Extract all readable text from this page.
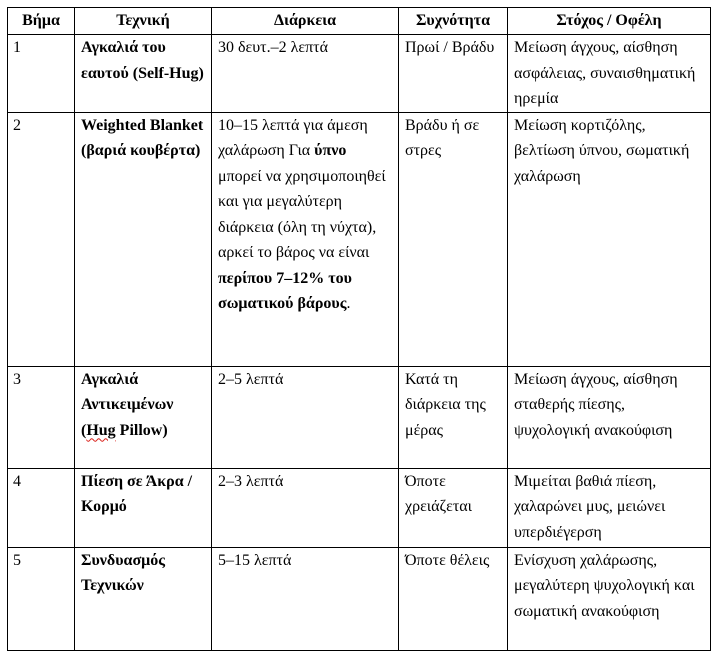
Βήμα	Τεχνική	Διάρκεια	Συχνότητα	Στόχος / Οφέλη
1	Αγκαλιά του εαυτού (Self-Hug)	30 δευτ.–2 λεπτά	Πρωί / Βράδυ	Μείωση άγχους, αίσθηση ασφάλειας, συναισθηματική ηρεμία
2	Weighted Blanket (βαριά κουβέρτα)	10–15 λεπτά για άμεση χαλάρωση Για ύπνο μπορεί να χρησιμοποιηθεί και για μεγαλύτερη διάρκεια (όλη τη νύχτα), αρκεί το βάρος να είναι περίπου 7–12% του σωματικού βάρους.	Βράδυ ή σε στρες	Μείωση κορτιζόλης, βελτίωση ύπνου, σωματική χαλάρωση
3	Αγκαλιά Αντικειμένων (Hug Pillow)	2–5 λεπτά	Κατά τη διάρκεια της μέρας	Μείωση άγχους, αίσθηση σταθερής πίεσης, ψυχολογική ανακούφιση
4	Πίεση σε Άκρα / Κορμό	2–3 λεπτά	Όποτε χρειάζεται	Μιμείται βαθιά πίεση, χαλαρώνει μυς, μειώνει υπερδιέγερση
5	Συνδυασμός Τεχνικών	5–15 λεπτά	Όποτε θέλεις	Ενίσχυση χαλάρωσης, μεγαλύτερη ψυχολογική και σωματική ανακούφιση
